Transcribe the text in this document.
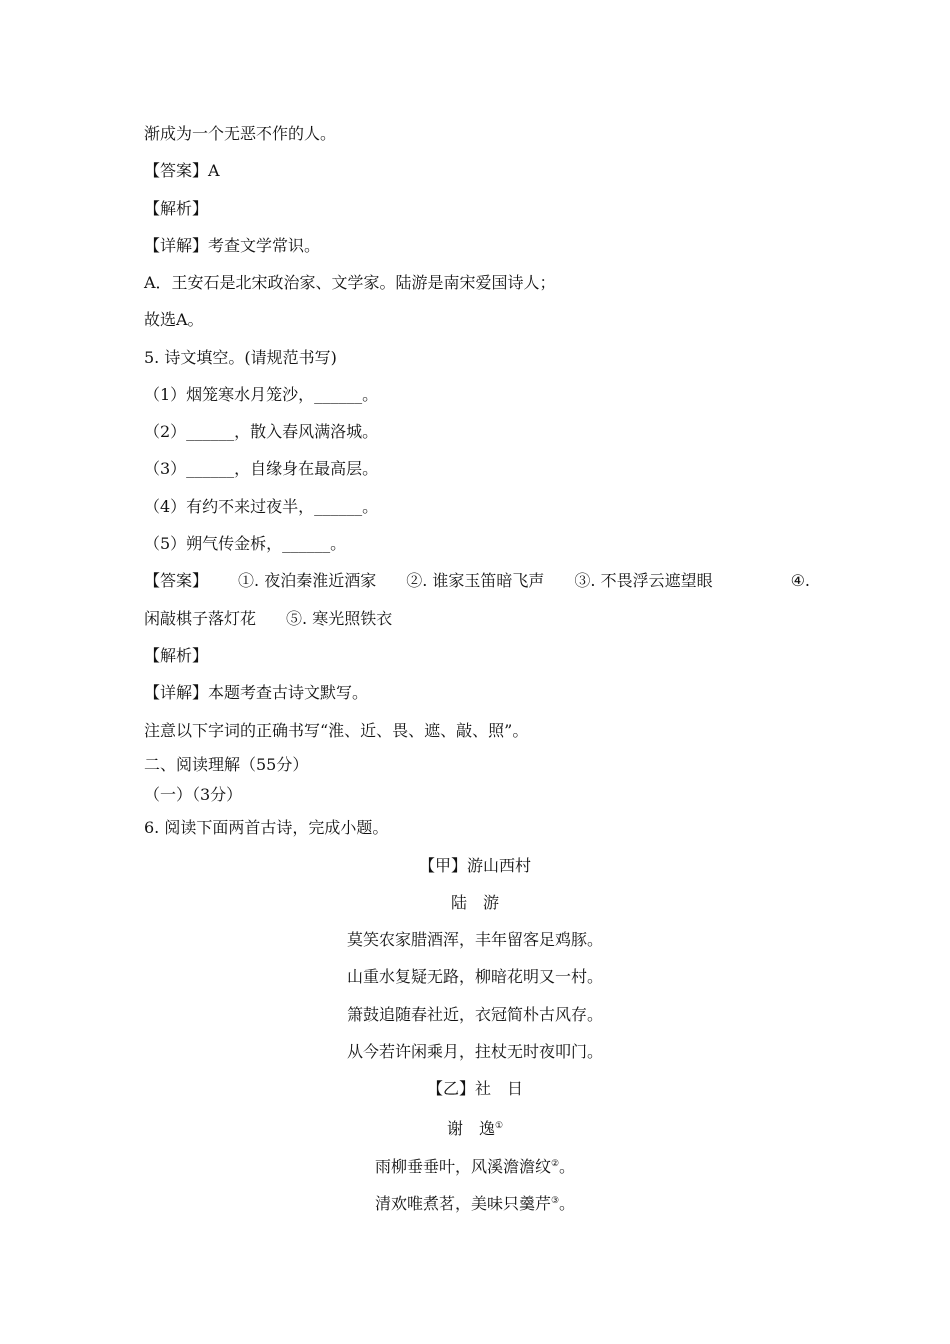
渐成为一个无恶不作的人。
【答案】A
【解析】
【详解】考查文学常识。
A．王安石是北宋政治家、文学家。陆游是南宋爱国诗人；
故选A。
5. 诗文填空。(请规范书写)
（1）烟笼寒水月笼沙，______。
（2）______，散入春风满洛城。
（3）______，自缘身在最高层。
（4）有约不来过夜半，______。
（5）朔气传金柝，______。
【答案】 ①. 夜泊秦淮近酒家 ②. 谁家玉笛暗飞声 ③. 不畏浮云遮望眼	④.
闲敲棋子落灯花 ⑤. 寒光照铁衣
【解析】
【详解】本题考查古诗文默写。
注意以下字词的正确书写“淮、近、畏、遮、敲、照”。
二、阅读理解（55分）
（一）（3分）
6. 阅读下面两首古诗，完成小题。
【甲】游山西村
陆　游
莫笑农家腊酒浑，丰年留客足鸡豚。
山重水复疑无路，柳暗花明又一村。
箫鼓追随春社近，衣冠简朴古风存。
从今若许闲乘月，拄杖无时夜叩门。
【乙】社　日
谢　逸①
雨柳垂垂叶，风溪澹澹纹②。
清欢唯煮茗，美味只羹芹③。
